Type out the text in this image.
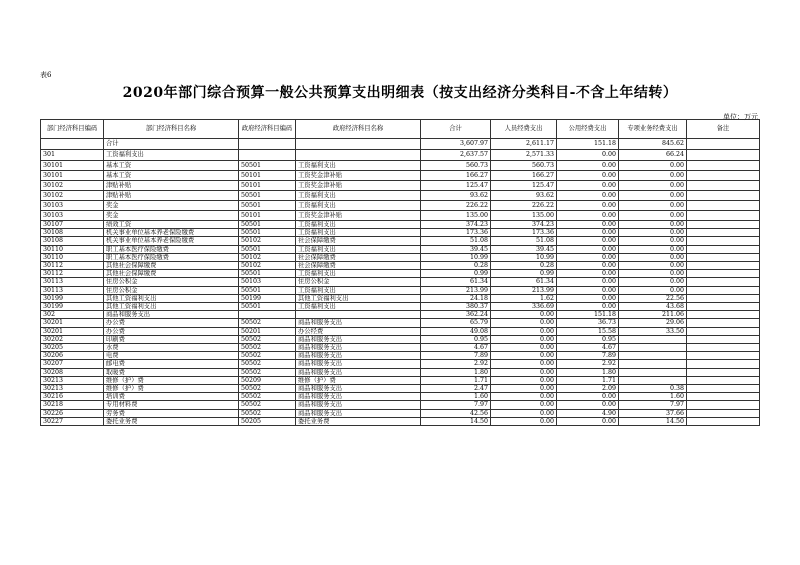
表6
2020年部门综合预算一般公共预算支出明细表（按支出经济分类科目-不含上年结转）
单位：万元
部门经济科目编码	部门经济科目名称	政府经济科目编码	政府经济科目名称	合计	人员经费支出	公用经费支出	专项业务经费支出	备注
	合计			3,607.97	2,611.17	151.18	845.62	
301	工资福利支出			2,637.57	2,571.33	0.00	66.24	
30101	基本工资	50501	工资福利支出	560.73	560.73	0.00	0.00	
30101	基本工资	50101	工资奖金津补贴	166.27	166.27	0.00	0.00	
30102	津贴补贴	50101	工资奖金津补贴	125.47	125.47	0.00	0.00	
30102	津贴补贴	50501	工资福利支出	93.62	93.62	0.00	0.00	
30103	奖金	50501	工资福利支出	226.22	226.22	0.00	0.00	
30103	奖金	50101	工资奖金津补贴	135.00	135.00	0.00	0.00	
30107	绩效工资	50501	工资福利支出	374.23	374.23	0.00	0.00	
30108	机关事业单位基本养老保险缴费	50501	工资福利支出	173.36	173.36	0.00	0.00	
30108	机关事业单位基本养老保险缴费	50102	社会保障缴费	51.08	51.08	0.00	0.00	
30110	职工基本医疗保险缴费	50501	工资福利支出	39.45	39.45	0.00	0.00	
30110	职工基本医疗保险缴费	50102	社会保障缴费	10.99	10.99	0.00	0.00	
30112	其他社会保障缴费	50102	社会保障缴费	0.28	0.28	0.00	0.00	
30112	其他社会保障缴费	50501	工资福利支出	0.99	0.99	0.00	0.00	
30113	住房公积金	50103	住房公积金	61.34	61.34	0.00	0.00	
30113	住房公积金	50501	工资福利支出	213.99	213.99	0.00	0.00	
30199	其他工资福利支出	50199	其他工资福利支出	24.18	1.62	0.00	22.56	
30199	其他工资福利支出	50501	工资福利支出	380.37	336.69	0.00	43.68	
302	商品和服务支出			362.24	0.00	151.18	211.06	
30201	办公费	50502	商品和服务支出	65.79	0.00	36.73	29.06	
30201	办公费	50201	办公经费	49.08	0.00	15.58	33.50	
30202	印刷费	50502	商品和服务支出	0.95	0.00	0.95		
30205	水费	50502	商品和服务支出	4.67	0.00	4.67		
30206	电费	50502	商品和服务支出	7.89	0.00	7.89		
30207	邮电费	50502	商品和服务支出	2.92	0.00	2.92		
30208	取暖费	50502	商品和服务支出	1.80	0.00	1.80		
30213	维修（护）费	50209	维修（护）费	1.71	0.00	1.71		
30213	维修（护）费	50502	商品和服务支出	2.47	0.00	2.09	0.38	
30216	培训费	50502	商品和服务支出	1.60	0.00	0.00	1.60	
30218	专用材料费	50502	商品和服务支出	7.97	0.00	0.00	7.97	
30226	劳务费	50502	商品和服务支出	42.56	0.00	4.90	37.66	
30227	委托业务费	50205	委托业务费	14.50	0.00	0.00	14.50	
